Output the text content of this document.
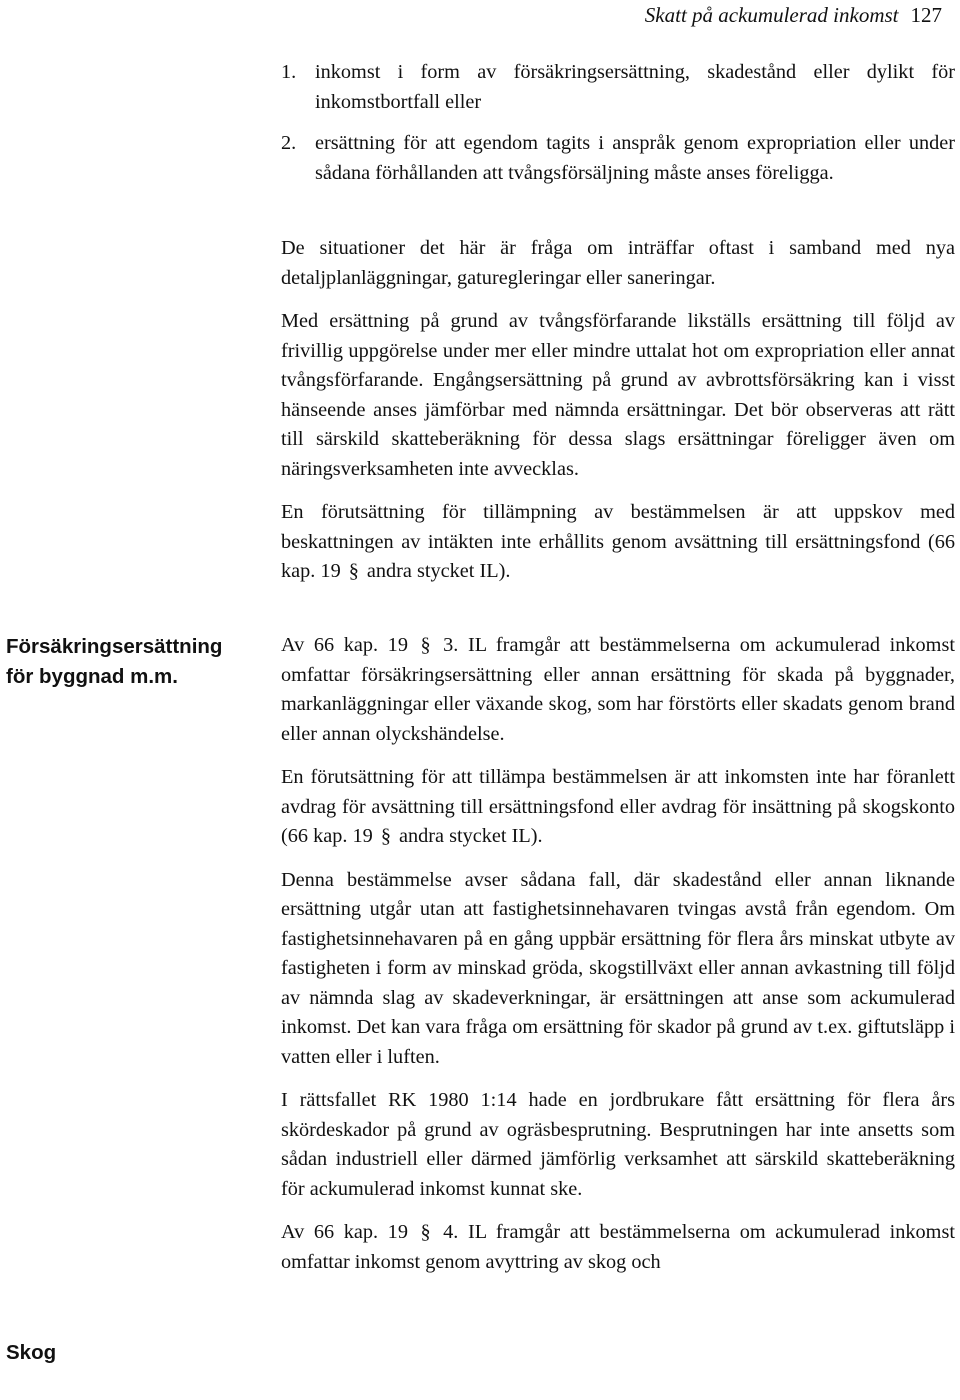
Skatt på ackumulerad inkomst 127
1. inkomst i form av försäkringsersättning, skadestånd eller dylikt för inkomstbortfall eller
2. ersättning för att egendom tagits i anspråk genom expropriation eller under sådana förhållanden att tvångsförsäljning måste anses föreligga.

De situationer det här är fråga om inträffar oftast i samband med nya detaljplanläggningar, gaturegleringar eller saneringar.

Med ersättning på grund av tvångsförfarande likställs ersättning till följd av frivillig uppgörelse under mer eller mindre uttalat hot om expropriation eller annat tvångsförfarande. Engångsersättning på grund av avbrottsförsäkring kan i visst hänseende anses jämförbar med nämnda ersättningar. Det bör observeras att rätt till särskild skatteberäkning för dessa slags ersättningar föreligger även om näringsverksamheten inte avvecklas.

En förutsättning för tillämpning av bestämmelsen är att uppskov med beskattningen av intäkten inte erhållits genom avsättning till ersättningsfond (66 kap. 19 § andra stycket IL).

Av 66 kap. 19 § 3. IL framgår att bestämmelserna om ackumulerad inkomst omfattar försäkringsersättning eller annan ersättning för skada på byggnader, markanläggningar eller växande skog, som har förstörts eller skadats genom brand eller annan olyckshändelse.

En förutsättning för att tillämpa bestämmelsen är att inkomsten inte har föranlett avdrag för avsättning till ersättningsfond eller avdrag för insättning på skogskonto (66 kap. 19 § andra stycket IL).

Denna bestämmelse avser sådana fall, där skadestånd eller annan liknande ersättning utgår utan att fastighetsinnehavaren tvingas avstå från egendom. Om fastighetsinnehavaren på en gång uppbär ersättning för flera års minskat utbyte av fastigheten i form av minskad gröda, skogstillväxt eller annan avkastning till följd av nämnda slag av skadeverkningar, är ersättningen att anse som ackumulerad inkomst. Det kan vara fråga om ersättning för skador på grund av t.ex. giftutsläpp i vatten eller i luften.

I rättsfallet RK 1980 1:14 hade en jordbrukare fått ersättning för flera års skördeskador på grund av ogräsbesprutning. Besprutningen har inte ansetts som sådan industriell eller därmed jämförlig verksamhet att särskild skatteberäkning för ackumulerad inkomst kunnat ske.

Av 66 kap. 19 § 4. IL framgår att bestämmelserna om ackumulerad inkomst omfattar inkomst genom avyttring av skog och

Försäkringsersättning för byggnad m.m.
Skog
